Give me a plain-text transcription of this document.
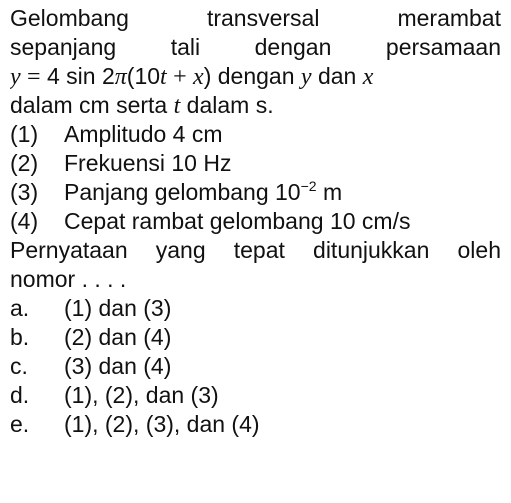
Gelombang transversal merambat
sepanjang tali dengan persamaan
y = 4 sin 2π(10t + x) dengan y dan x
dalam cm serta t dalam s.
(1) Amplitudo 4 cm
(2) Frekuensi 10 Hz
(3) Panjang gelombang $10^{-2}$ m
(4) Cepat rambat gelombang 10 cm/s
Pernyataan yang tepat ditunjukkan oleh
nomor . . . .
a. (1) dan (3)
b. (2) dan (4)
c. (3) dan (4)
d. (1), (2), dan (3)
e. (1), (2), (3), dan (4)
